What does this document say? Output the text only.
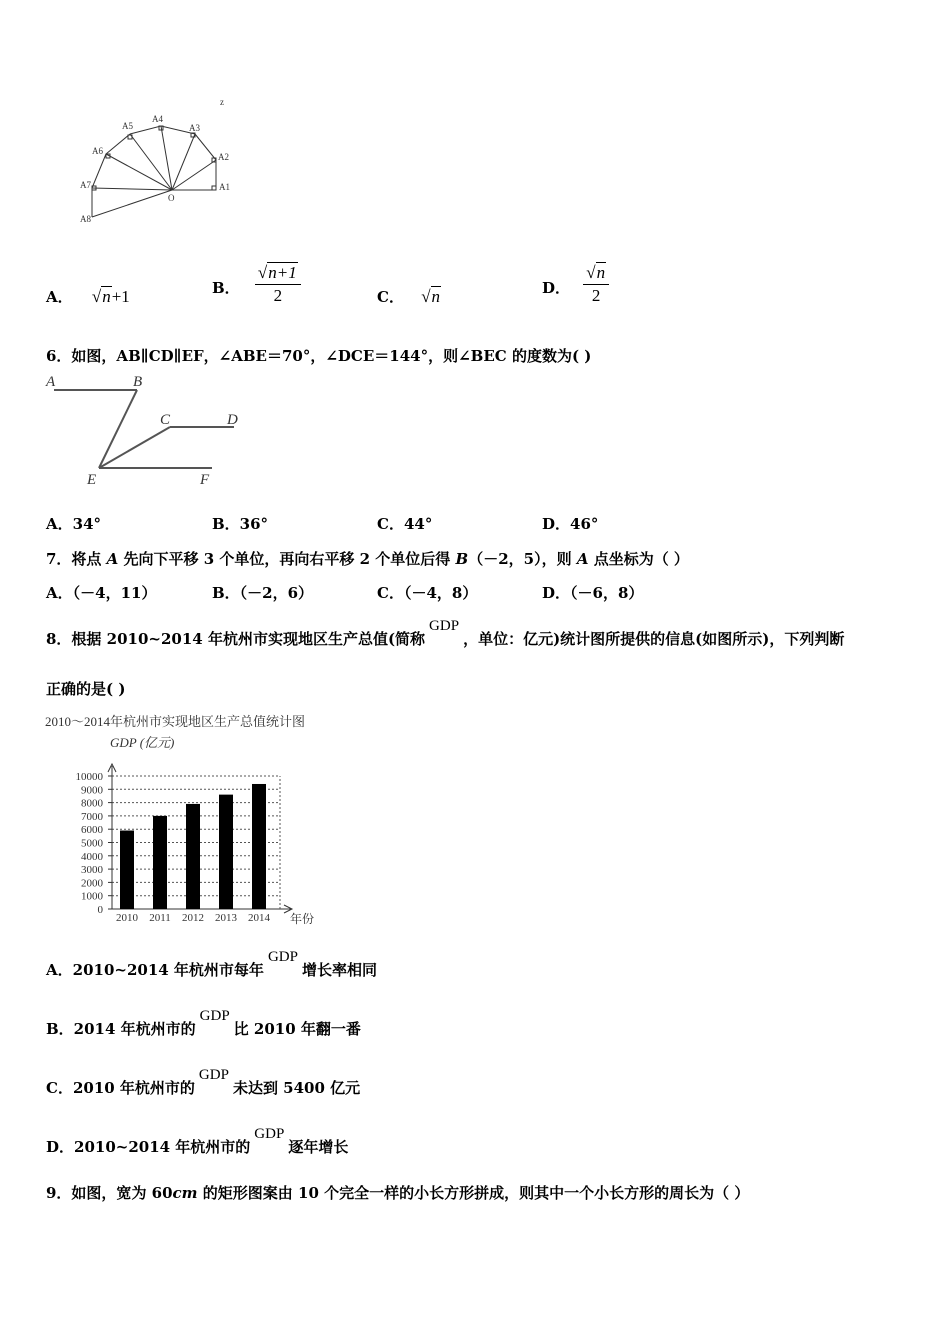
A1
A2
A3
A4
A5
A6
A7
A8
O
z
A． √n+1	B． $\frac{√n+1}{2}$	C． √n	D． $\frac{√n}{2}$
6．如图，AB∥CD∥EF，∠ABE＝70°，∠DCE＝144°，则∠BEC 的度数为( )
A	B
C	D
E	F
A．34°	B．36°	C．44°	D．46°
7．将点 A 先向下平移 3 个单位，再向右平移 2 个单位后得 B（－2，5），则 A 点坐标为（ ）
A．（－4，11）	B．（－2，6）	C．（－4，8）	D．（－6，8）
8．根据 2010~2014 年杭州市实现地区生产总值(简称GDP，单位：亿元)统计图所提供的信息(如图所示)，下列判断
正确的是( )
2010～2014年杭州市实现地区生产总值统计图
GDP (亿元)
年份
0
1000
2000
3000
4000
5000
6000
7000
8000
9000
10000
2010 2011 2012 2013 2014
A．2010~2014 年杭州市每年GDP增长率相同
B．2014 年杭州市的GDP比 2010 年翻一番
C．2010 年杭州市的GDP未达到 5400 亿元
D．2010~2014 年杭州市的GDP逐年增长
9．如图，宽为 60cm 的矩形图案由 10 个完全一样的小长方形拼成，则其中一个小长方形的周长为（ ）
